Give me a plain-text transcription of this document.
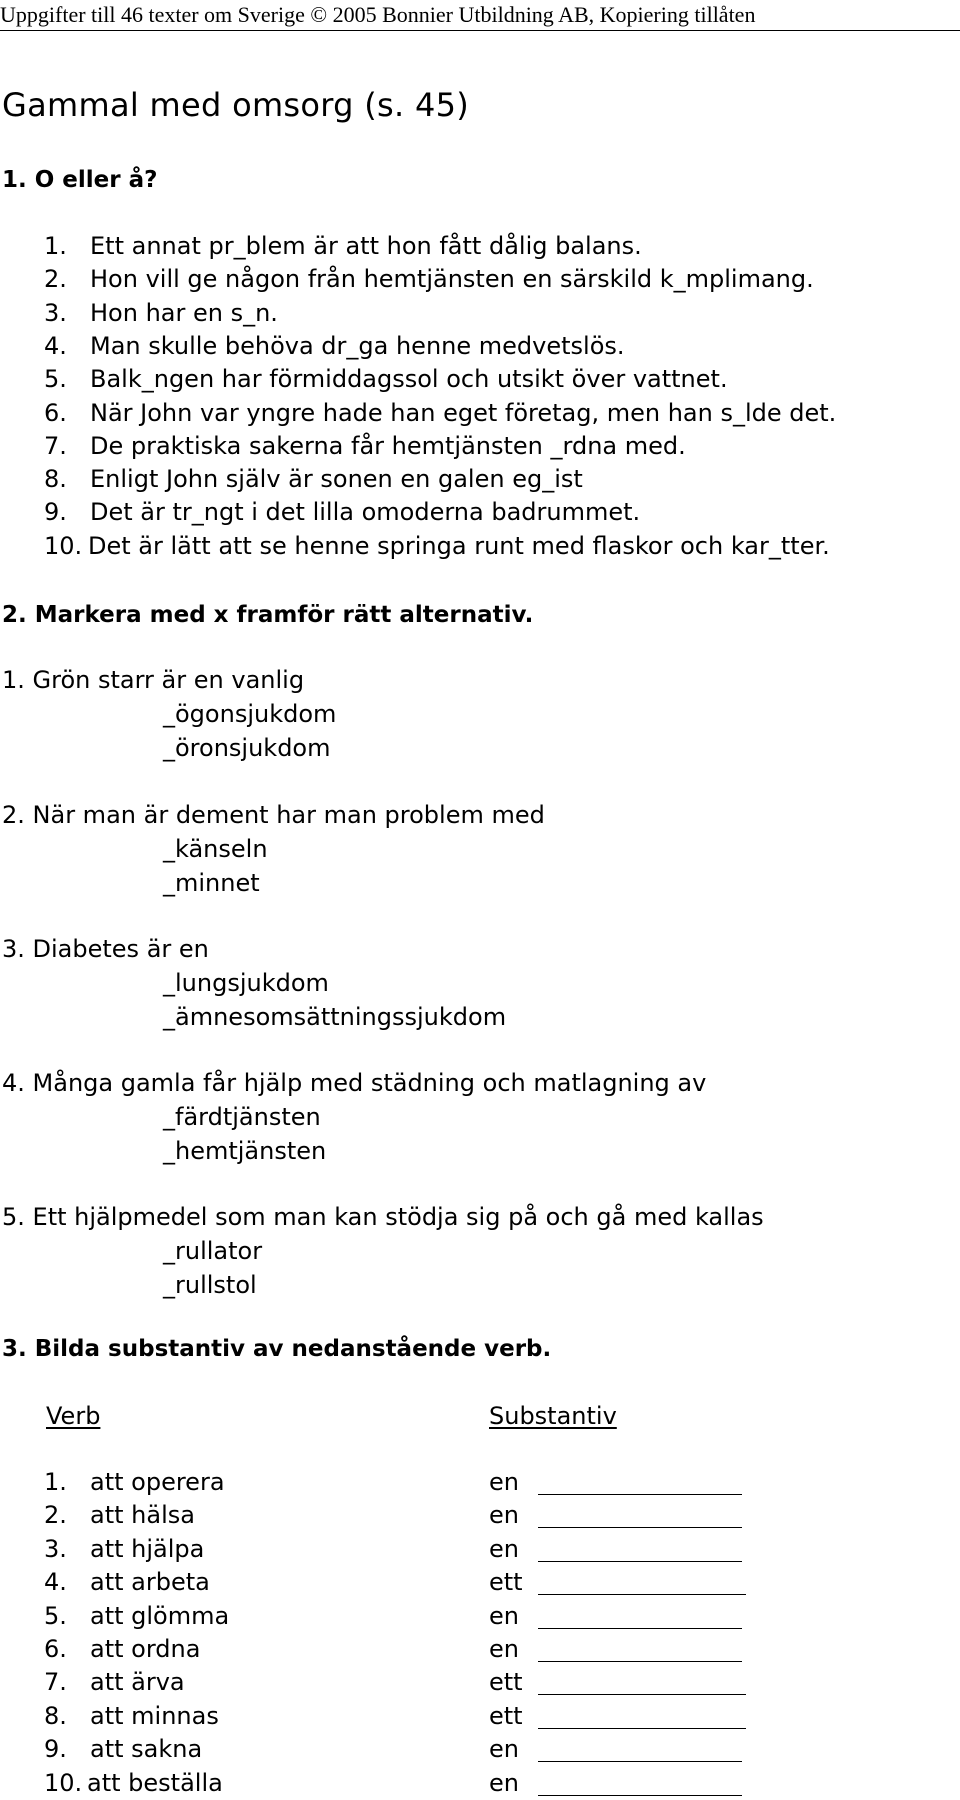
Uppgifter till 46 texter om Sverige © 2005 Bonnier Utbildning AB, Kopiering tillåten
Gammal med omsorg (s. 45)
1. O eller å?
1. Ett annat pr_blem är att hon fått dålig balans.
2. Hon vill ge någon från hemtjänsten en särskild k_mplimang.
3. Hon har en s_n.
4. Man skulle behöva dr_ga henne medvetslös.
5. Balk_ngen har förmiddagssol och utsikt över vattnet.
6. När John var yngre hade han eget företag, men han s_lde det.
7. De praktiska sakerna får hemtjänsten _rdna med.
8. Enligt John själv är sonen en galen eg_ist
9. Det är tr_ngt i det lilla omoderna badrummet.
10. Det är lätt att se henne springa runt med flaskor och kar_tter.
2. Markera med x framför rätt alternativ.
1. Grön starr är en vanlig
_ögonsjukdom
_öronsjukdom
2. När man är dement har man problem med
_känseln
_minnet
3. Diabetes är en
_lungsjukdom
_ämnesomsättningssjukdom
4. Många gamla får hjälp med städning och matlagning av
_färdtjänsten
_hemtjänsten
5. Ett hjälpmedel som man kan stödja sig på och gå med kallas
_rullator
_rullstol
3. Bilda substantiv av nedanstående verb.
Verb	Substantiv
1. att operera	en
2. att hälsa	en
3. att hjälpa	en
4. att arbeta	ett
5. att glömma	en
6. att ordna	en
7. att ärva	ett
8. att minnas	ett
9. att sakna	en
10. att beställa	en
